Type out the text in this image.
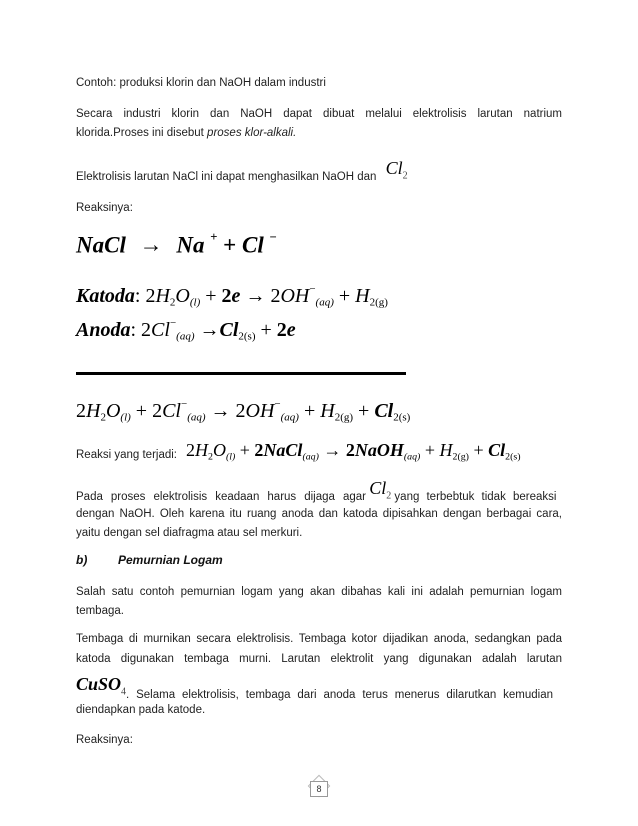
Contoh: produksi klorin dan NaOH dalam industri
Secara industri klorin dan NaOH dapat dibuat melalui elektrolisis larutan natrium
klorida.Proses ini disebut proses klor-alkali.
Elektrolisis larutan NaCl ini dapat menghasilkan NaOH dan $Cl_2$
Reaksinya:
NaCl → Na + + Cl −
Katoda: $2H_2O_{(l)} + 2e \to 2OH^-_{(aq)} + H_{2(g)}$
Anoda: $2Cl^-_{(aq)} \to Cl_{2(s)} + 2e$
$2H_2O_{(l)} + 2Cl^-_{(aq)} \to 2OH^-_{(aq)} + H_{2(g)} + Cl_{2(s)}$
Reaksi yang terjadi: $2H_2O_{(l)}$ + 2NaCl$_{(aq)}$ → 2NaOH$_{(aq)}$ + $H_{2(g)} + Cl_{2(s)}$
Pada proses elektrolisis keadaan harus dijaga agar $Cl_2$ yang terbebtuk tidak bereaksi
dengan NaOH. Oleh karena itu ruang anoda dan katoda dipisahkan dengan berbagai cara,
yaitu dengan sel diafragma atau sel merkuri.
b)	Pemurnian Logam
Salah satu contoh pemurnian logam yang akan dibahas kali ini adalah pemurnian logam
tembaga.
Tembaga di murnikan secara elektrolisis. Tembaga kotor dijadikan anoda, sedangkan pada
katoda digunakan tembaga murni. Larutan elektrolit yang digunakan adalah larutan
CuSO$_4$. Selama elektrolisis, tembaga dari anoda terus menerus dilarutkan kemudian
diendapkan pada katode.
Reaksinya:
8
